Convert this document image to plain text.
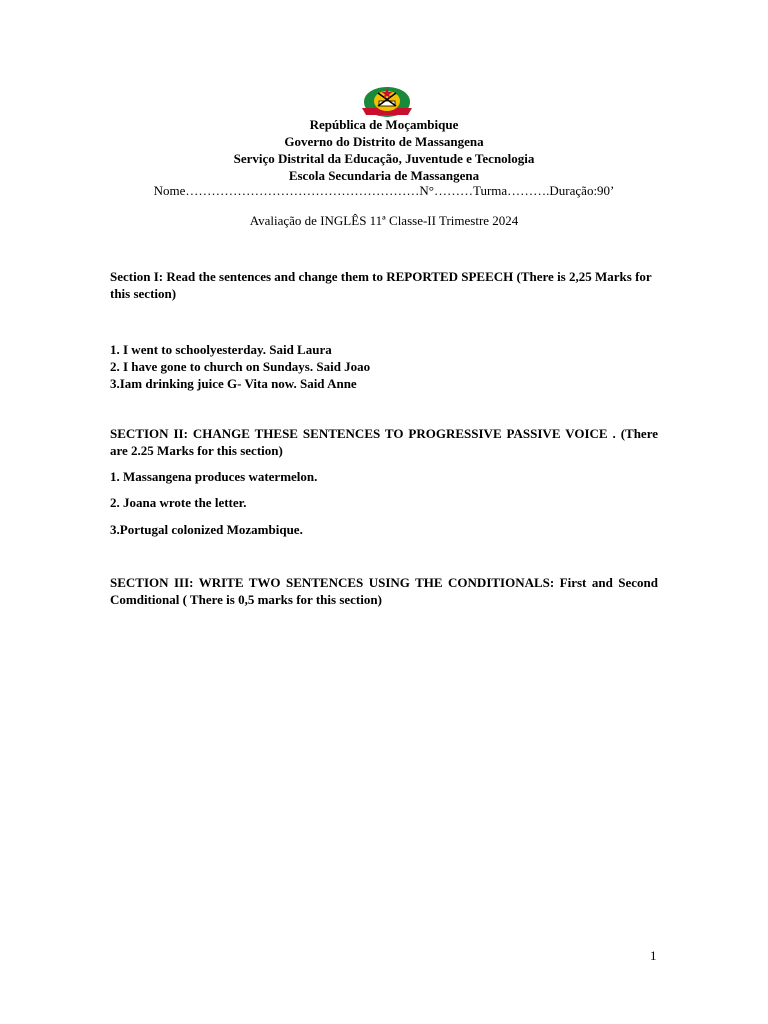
República de Moçambique
Governo do Distrito de Massangena
Serviço Distrital da Educação, Juventude e Tecnologia
Escola Secundaria de Massangena
Nome………………………………………………N°………Turma……….Duração:90’
Avaliação de INGLÊS 11ª Classe-II Trimestre 2024
Section I: Read the sentences and change them to REPORTED SPEECH (There is 2,25 Marks for this section)
1. I went to schoolyesterday. Said Laura
2. I have gone to church on Sundays. Said Joao
3.Iam drinking juice G- Vita now. Said Anne
SECTION II: CHANGE THESE SENTENCES TO PROGRESSIVE PASSIVE VOICE . (There are 2.25 Marks for this section)
1. Massangena produces watermelon.
2. Joana wrote the letter.
3.Portugal colonized Mozambique.
SECTION III: WRITE TWO SENTENCES USING THE CONDITIONALS: First and Second Comditional ( There is 0,5 marks for this section)
1
